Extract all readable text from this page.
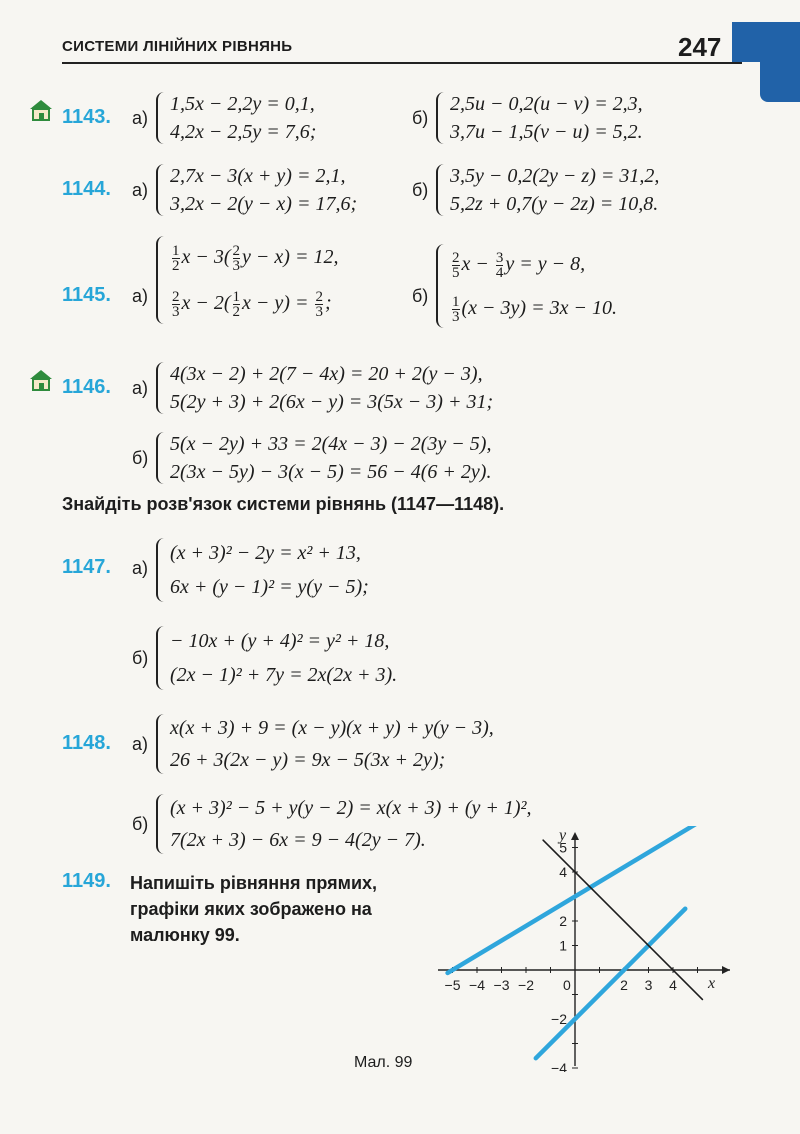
СИСТЕМИ ЛІНІЙНИХ РІВНЯНЬ	247
1143. а)
1,5x − 2,2y = 0,1,
4,2x − 2,5y = 7,6;
б)
2,5u − 0,2(u − v) = 2,3,
3,7u − 1,5(v − u) = 5,2.
1144. а)
2,7x − 3(x + y) = 2,1,
3,2x − 2(y − x) = 17,6;
б)
3,5y − 0,2(2y − z) = 31,2,
5,2z + 0,7(y − 2z) = 10,8.
1145. а)
$\frac{1}{2}$ $x - 3( \frac{2}{3}$ y − x) = 12,
$\frac{2}{3}$ $x - 2( \frac{1}{2}$ $x - y) = \frac{2}{3}$ ;	б)
$\frac{2}{5}$ $x - \frac{3}{4}$ y = y − 8,
$\frac{1}{3} (x - 3y) = 3x - 10$.
1146. а)
4(3x − 2) + 2(7 − 4x) = 20 + 2(y − 3),
5(2y + 3) + 2(6x − y) = 3(5x − 3) + 31;
б)
5(x − 2y) + 33 = 2(4x − 3) − 2(3y − 5),
2(3x − 5y) − 3(x − 5) = 56 − 4(6 + 2y).
Знайдіть розв'язок системи рівнянь (1147—1148).
1147. а)
(x + 3)² − 2y = x² + 13,
6x + (y − 1)² = y(y − 5);
б)
− 10x + (y + 4)² = y² + 18,
(2x − 1)² + 7y = 2x(2x + 3).
1148. а)
x(x + 3) + 9 = (x − y)(x + y) + y(y − 3),
26 + 3(2x − y) = 9x − 5(3x + 2y);
б)
(x + 3)² − 5 + y(y − 2) = x(x + 3) + (y + 1)²,
7(2x + 3) − 6x = 9 − 4(2y − 7).
1149. Напишіть рівняння прямих, графіки яких зображено на малюнку 99.
−5 −4 −3 −2	2 3 4
5
4
2
1
−2
−4
0	x
y
Мал. 99
